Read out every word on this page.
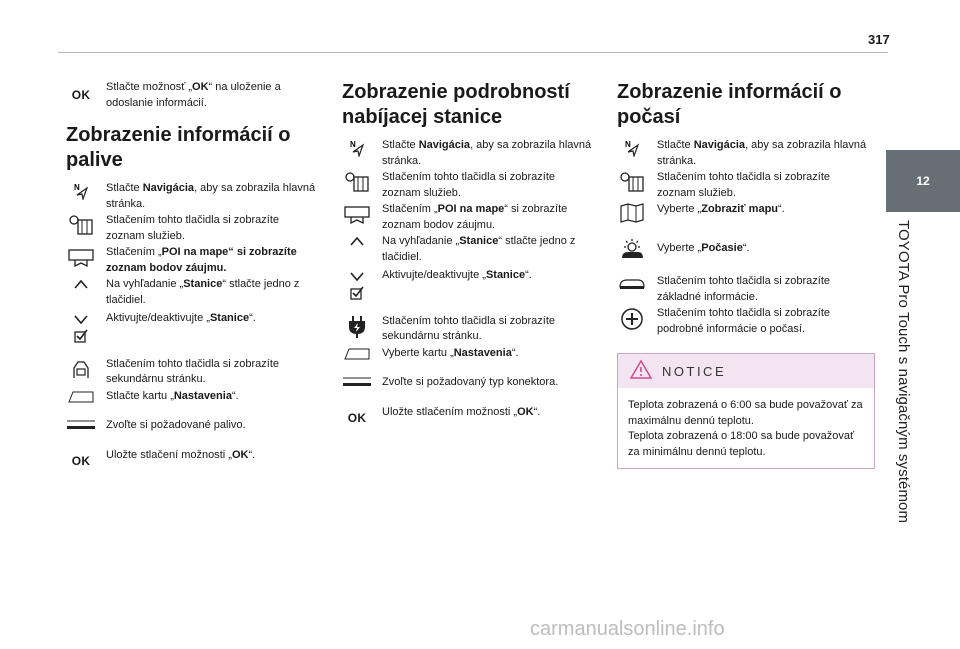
317
12
TOYOTA Pro Touch s navigačným systémom
OK
Stlačte možnosť „OK“ na uloženie a odoslanie informácií.
Zobrazenie informácií o palive
N Stlačte Navigácia, aby sa zobrazila hlavná stránka.
Stlačením tohto tlačidla si zobrazíte zoznam služieb.
Stlačením „POI na mape“ si zobrazíte zoznam bodov záujmu.
Na vyhľadanie „Stanice“ stlačte jedno z tlačidiel.
Aktivujte/deaktivujte „Stanice“.
Stlačením tohto tlačidla si zobrazíte sekundárnu stránku.
Stlačte kartu „Nastavenia“.
Zvoľte si požadované palivo.
OK Uložte stlačení možnosti „OK“.
Zobrazenie podrobností nabíjacej stanice
N Stlačte Navigácia, aby sa zobrazila hlavná stránka.
Stlačením tohto tlačidla si zobrazíte zoznam služieb.
Stlačením „POI na mape“ si zobrazíte zoznam bodov záujmu.
Na vyhľadanie „Stanice“ stlačte jedno z tlačidiel.
Aktivujte/deaktivujte „Stanice“.
Stlačením tohto tlačidla si zobrazíte sekundárnu stránku.
Vyberte kartu „Nastavenia“.
Zvoľte si požadovaný typ konektora.
OK Uložte stlačením možnosti „OK“.
Zobrazenie informácií o počasí
N Stlačte Navigácia, aby sa zobrazila hlavná stránka.
Stlačením tohto tlačidla si zobrazíte zoznam služieb.
Vyberte „Zobraziť mapu“.
Vyberte „Počasie“.
Stlačením tohto tlačidla si zobrazíte základné informácie.
Stlačením tohto tlačidla si zobrazíte podrobné informácie o počasí.
NOTICE
Teplota zobrazená o 6:00 sa bude považovať za maximálnu dennú teplotu.
Teplota zobrazená o 18:00 sa bude považovať za minimálnu dennú teplotu.
carmanualsonline.info
